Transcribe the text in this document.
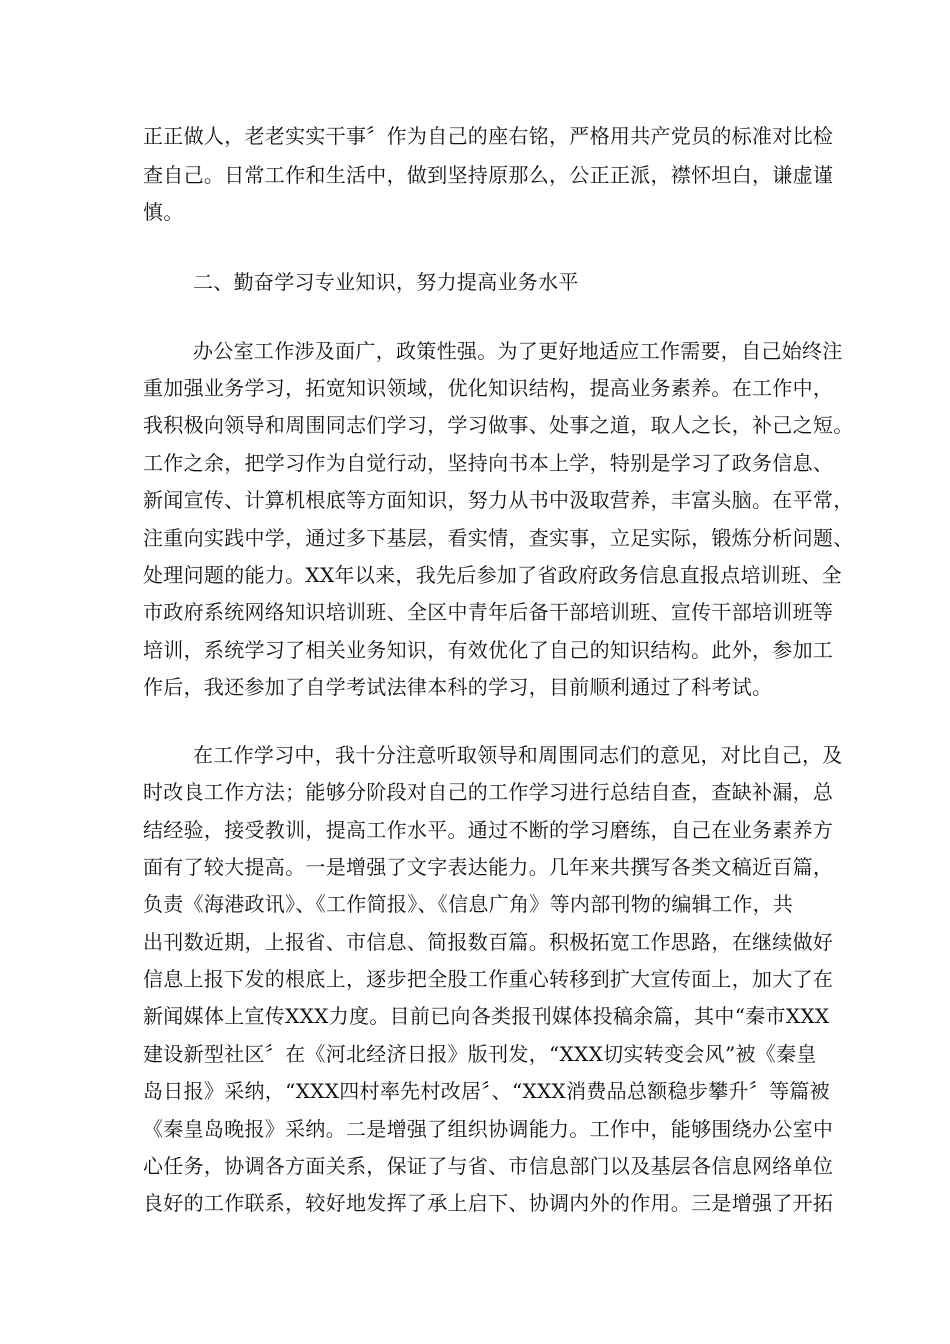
正正做人，老老实实干事〞作为自己的座右铭，严格用共产党员的标准对比检
查自己。日常工作和生活中，做到坚持原那么，公正正派，襟怀坦白，谦虚谨
慎。
二、勤奋学习专业知识，努力提高业务水平
办公室工作涉及面广，政策性强。为了更好地适应工作需要，自己始终注
重加强业务学习，拓宽知识领域，优化知识结构，提高业务素养。在工作中，
我积极向领导和周围同志们学习，学习做事、处事之道，取人之长，补己之短。
工作之余，把学习作为自觉行动，坚持向书本上学，特别是学习了政务信息、
新闻宣传、计算机根底等方面知识，努力从书中汲取营养，丰富头脑。在平常，
注重向实践中学，通过多下基层，看实情，查实事，立足实际，锻炼分析问题、
处理问题的能力。XX年以来，我先后参加了省政府政务信息直报点培训班、全
市政府系统网络知识培训班、全区中青年后备干部培训班、宣传干部培训班等
培训，系统学习了相关业务知识，有效优化了自己的知识结构。此外，参加工
作后，我还参加了自学考试法律本科的学习，目前顺利通过了科考试。
在工作学习中，我十分注意听取领导和周围同志们的意见，对比自己，及
时改良工作方法；能够分阶段对自己的工作学习进行总结自查，查缺补漏，总
结经验，接受教训，提高工作水平。通过不断的学习磨练，自己在业务素养方
面有了较大提高。一是增强了文字表达能力。几年来共撰写各类文稿近百篇，
负责《海港政讯》、《工作简报》、《信息广角》等内部刊物的编辑工作，共
出刊数近期，上报省、市信息、简报数百篇。积极拓宽工作思路，在继续做好
信息上报下发的根底上，逐步把全股工作重心转移到扩大宣传面上，加大了在
新闻媒体上宣传XXX力度。目前已向各类报刊媒体投稿余篇，其中“秦市XXX
建设新型社区〞在《河北经济日报》版刊发，“XXX切实转变会风”被《秦皇
岛日报》采纳，“XXX四村率先村改居〞、“XXX消费品总额稳步攀升〞等篇被
《秦皇岛晚报》采纳。二是增强了组织协调能力。工作中，能够围绕办公室中
心任务，协调各方面关系，保证了与省、市信息部门以及基层各信息网络单位
良好的工作联系，较好地发挥了承上启下、协调内外的作用。三是增强了开拓
